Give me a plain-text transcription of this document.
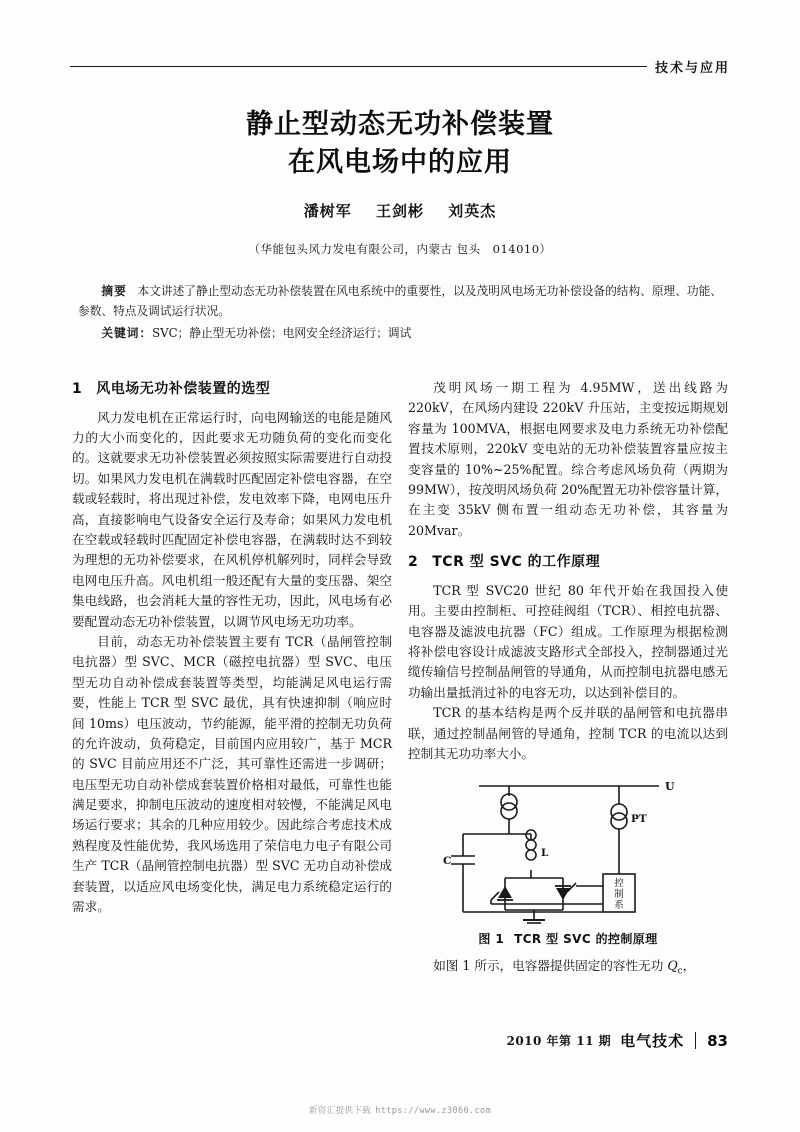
技术与应用
静止型动态无功补偿装置
在风电场中的应用
潘树军 王剑彬 刘英杰
（华能包头风力发电有限公司，内蒙古 包头　014010）
摘要 本文讲述了静止型动态无功补偿装置在风电系统中的重要性，以及茂明风电场无功补偿设备的结构、原理、功能、参数、特点及调试运行状况。
关键词：SVC；静止型无功补偿；电网安全经济运行；调试
1 风电场无功补偿装置的选型

风力发电机在正常运行时，向电网输送的电能是随风力的大小而变化的，因此要求无功随负荷的变化而变化的。这就要求无功补偿装置必须按照实际需要进行自动投切。如果风力发电机在满载时匹配固定补偿电容器，在空载或轻载时，将出现过补偿，发电效率下降，电网电压升高，直接影响电气设备安全运行及寿命；如果风力发电机在空载或轻载时匹配固定补偿电容器，在满载时达不到较为理想的无功补偿要求，在风机停机解列时，同样会导致电网电压升高。风电机组一般还配有大量的变压器、架空集电线路，也会消耗大量的容性无功，因此，风电场有必要配置动态无功补偿装置，以调节风电场无功功率。

目前，动态无功补偿装置主要有 TCR（晶闸管控制电抗器）型 SVC、MCR（磁控电抗器）型 SVC、电压型无功自动补偿成套装置等类型，均能满足风电运行需要，性能上 TCR 型 SVC 最优，具有快速抑制（响应时间 10ms）电压波动，节约能源，能平滑的控制无功负荷的允许波动，负荷稳定，目前国内应用较广，基于 MCR 的 SVC 目前应用还不广泛，其可靠性还需进一步调研；电压型无功自动补偿成套装置价格相对最低，可靠性也能满足要求，抑制电压波动的速度相对较慢，不能满足风电场运行要求；其余的几种应用较少。因此综合考虑技术成熟程度及性能优势，我风场选用了荣信电力电子有限公司生产 TCR（晶闸管控制电抗器）型 SVC 无功自动补偿成套装置，以适应风电场变化快，满足电力系统稳定运行的需求。

茂明风场一期工程为 4.95MW，送出线路为 220kV，在风场内建设 220kV 升压站，主变按远期规划容量为 100MVA，根据电网要求及电力系统无功补偿配置技术原则，220kV 变电站的无功补偿装置容量应按主变容量的 10%~25%配置。综合考虑风场负荷（两期为 99MW），按茂明风场负荷 20%配置无功补偿容量计算，在主变 35kV 侧布置一组动态无功补偿，其容量为 20Mvar。

2 TCR 型 SVC 的工作原理

TCR 型 SVC20 世纪 80 年代开始在我国投入使用。主要由控制柜、可控硅阀组（TCR）、相控电抗器、电容器及滤波电抗器（FC）组成。工作原理为根据检测将补偿电容设计成滤波支路形式全部投入，控制器通过光缆传输信号控制晶闸管的导通角，从而控制电抗器电感无功输出量抵消过补的电容无功，以达到补偿目的。

TCR 的基本结构是两个反并联的晶闸管和电抗器串联，通过控制晶闸管的导通角，控制 TCR 的电流以达到控制其无功功率大小。

U
PT
L
C
控
制
系
图 1 TCR 型 SVC 的控制原理

如图 1 所示，电容器提供固定的容性无功 $Q_c$，

2010 年第 11 期 电气技术 83
新资汇提供下载 https://www.z3060.com
